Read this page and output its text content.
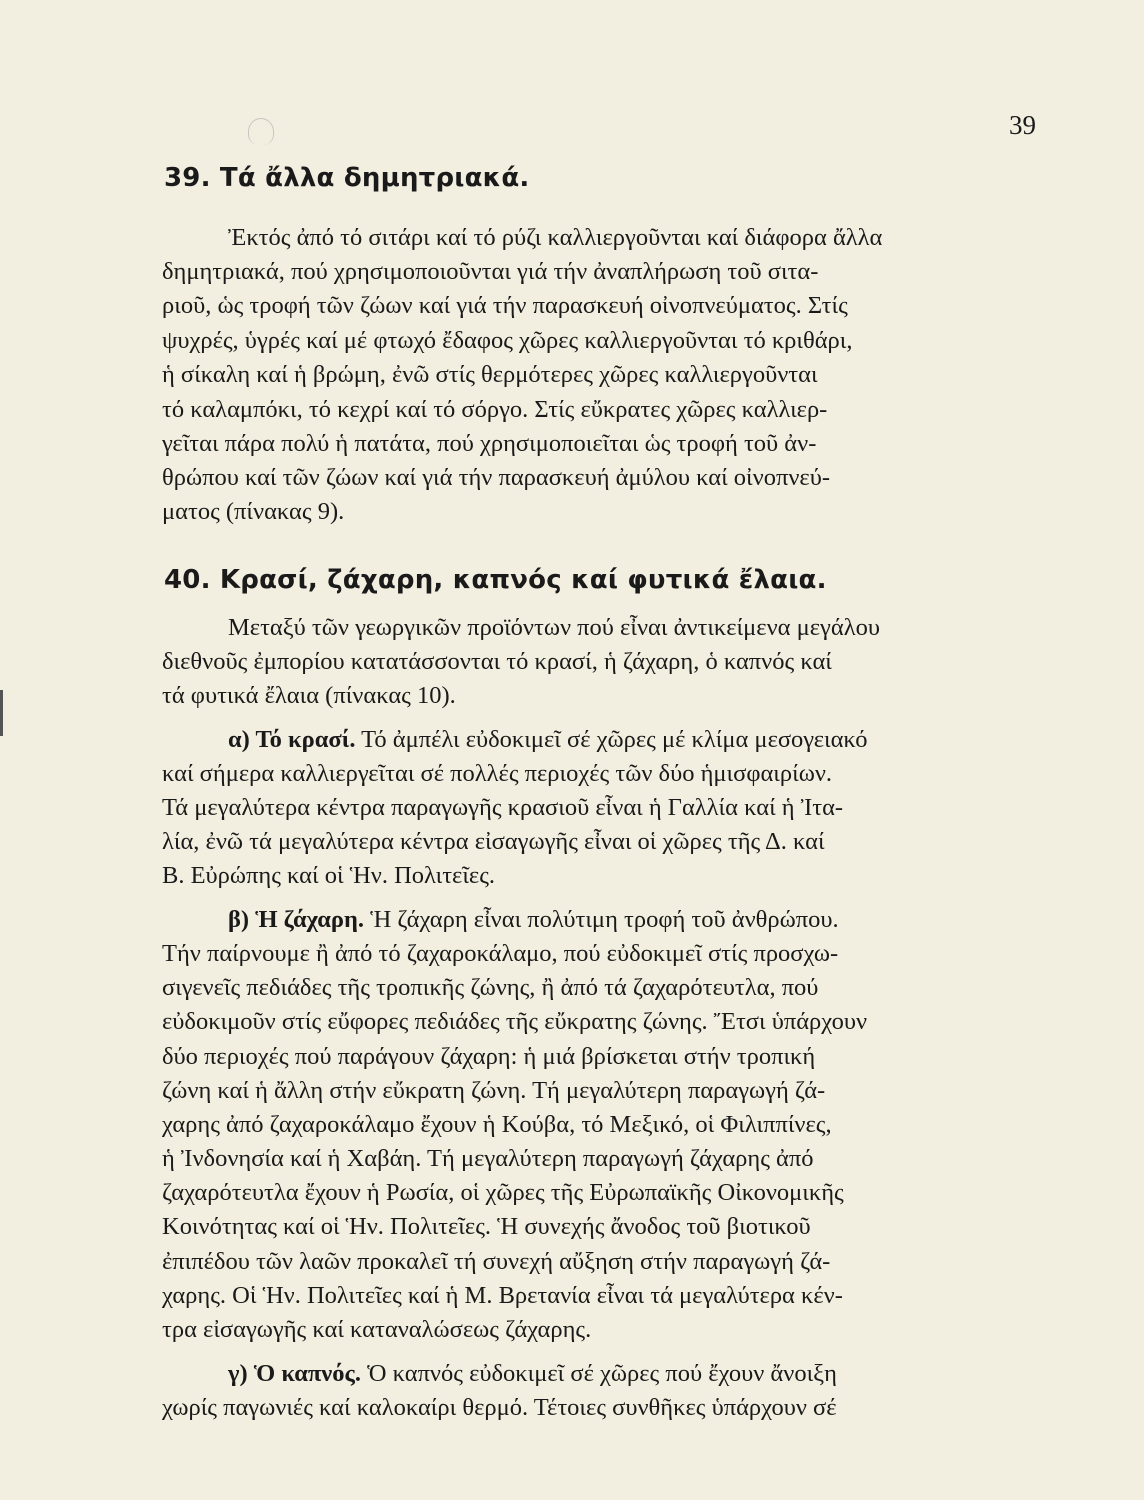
39
39. Τά ἄλλα δημητριακά.
Ἐκτός ἀπό τό σιτάρι καί τό ρύζι καλλιεργοῦνται καί διάφορα ἄλλα
δημητριακά, πού χρησιμοποιοῦνται γιά τήν ἀναπλήρωση τοῦ σιτα-
ριοῦ, ὡς τροφή τῶν ζώων καί γιά τήν παρασκευή οἰνοπνεύματος. Στίς
ψυχρές, ὑγρές καί μέ φτωχό ἔδαφος χῶρες καλλιεργοῦνται τό κριθάρι,
ἡ σίκαλη καί ἡ βρώμη, ἐνῶ στίς θερμότερες χῶρες καλλιεργοῦνται
τό καλαμπόκι, τό κεχρί καί τό σόργο. Στίς εὔκρατες χῶρες καλλιερ-
γεῖται πάρα πολύ ἡ πατάτα, πού χρησιμοποιεῖται ὡς τροφή τοῦ ἀν-
θρώπου καί τῶν ζώων καί γιά τήν παρασκευή ἀμύλου καί οἰνοπνεύ-
ματος (πίνακας 9).
40. Κρασί, ζάχαρη, καπνός καί φυτικά ἔλαια.
Μεταξύ τῶν γεωργικῶν προϊόντων πού εἶναι ἀντικείμενα μεγάλου
διεθνοῦς ἐμπορίου κατατάσσονται τό κρασί, ἡ ζάχαρη, ὁ καπνός καί
τά φυτικά ἔλαια (πίνακας 10).
α) Τό κρασί. Τό ἀμπέλι εὐδοκιμεῖ σέ χῶρες μέ κλίμα μεσογειακό
καί σήμερα καλλιεργεῖται σέ πολλές περιοχές τῶν δύο ἡμισφαιρίων.
Τά μεγαλύτερα κέντρα παραγωγῆς κρασιοῦ εἶναι ἡ Γαλλία καί ἡ Ἰτα-
λία, ἐνῶ τά μεγαλύτερα κέντρα εἰσαγωγῆς εἶναι οἱ χῶρες τῆς Δ. καί
Β. Εὐρώπης καί οἱ Ἡν. Πολιτεῖες.
β) Ἡ ζάχαρη. Ἡ ζάχαρη εἶναι πολύτιμη τροφή τοῦ ἀνθρώπου.
Τήν παίρνουμε ἢ ἀπό τό ζαχαροκάλαμο, πού εὐδοκιμεῖ στίς προσχω-
σιγενεῖς πεδιάδες τῆς τροπικῆς ζώνης, ἢ ἀπό τά ζαχαρότευτλα, πού
εὐδοκιμοῦν στίς εὔφορες πεδιάδες τῆς εὔκρατης ζώνης. Ἔτσι ὑπάρχουν
δύο περιοχές πού παράγουν ζάχαρη: ἡ μιά βρίσκεται στήν τροπική
ζώνη καί ἡ ἄλλη στήν εὔκρατη ζώνη. Τή μεγαλύτερη παραγωγή ζά-
χαρης ἀπό ζαχαροκάλαμο ἔχουν ἡ Κούβα, τό Μεξικό, οἱ Φιλιππίνες,
ἡ Ἰνδονησία καί ἡ Χαβάη. Τή μεγαλύτερη παραγωγή ζάχαρης ἀπό
ζαχαρότευτλα ἔχουν ἡ Ρωσία, οἱ χῶρες τῆς Εὐρωπαϊκῆς Οἰκονομικῆς
Κοινότητας καί οἱ Ἡν. Πολιτεῖες. Ἡ συνεχής ἄνοδος τοῦ βιοτικοῦ
ἐπιπέδου τῶν λαῶν προκαλεῖ τή συνεχή αὔξηση στήν παραγωγή ζά-
χαρης. Οἱ Ἡν. Πολιτεῖες καί ἡ Μ. Βρετανία εἶναι τά μεγαλύτερα κέν-
τρα εἰσαγωγῆς καί καταναλώσεως ζάχαρης.
γ) Ὁ καπνός. Ὁ καπνός εὐδοκιμεῖ σέ χῶρες πού ἔχουν ἄνοιξη
χωρίς παγωνιές καί καλοκαίρι θερμό. Τέτοιες συνθῆκες ὑπάρχουν σέ
